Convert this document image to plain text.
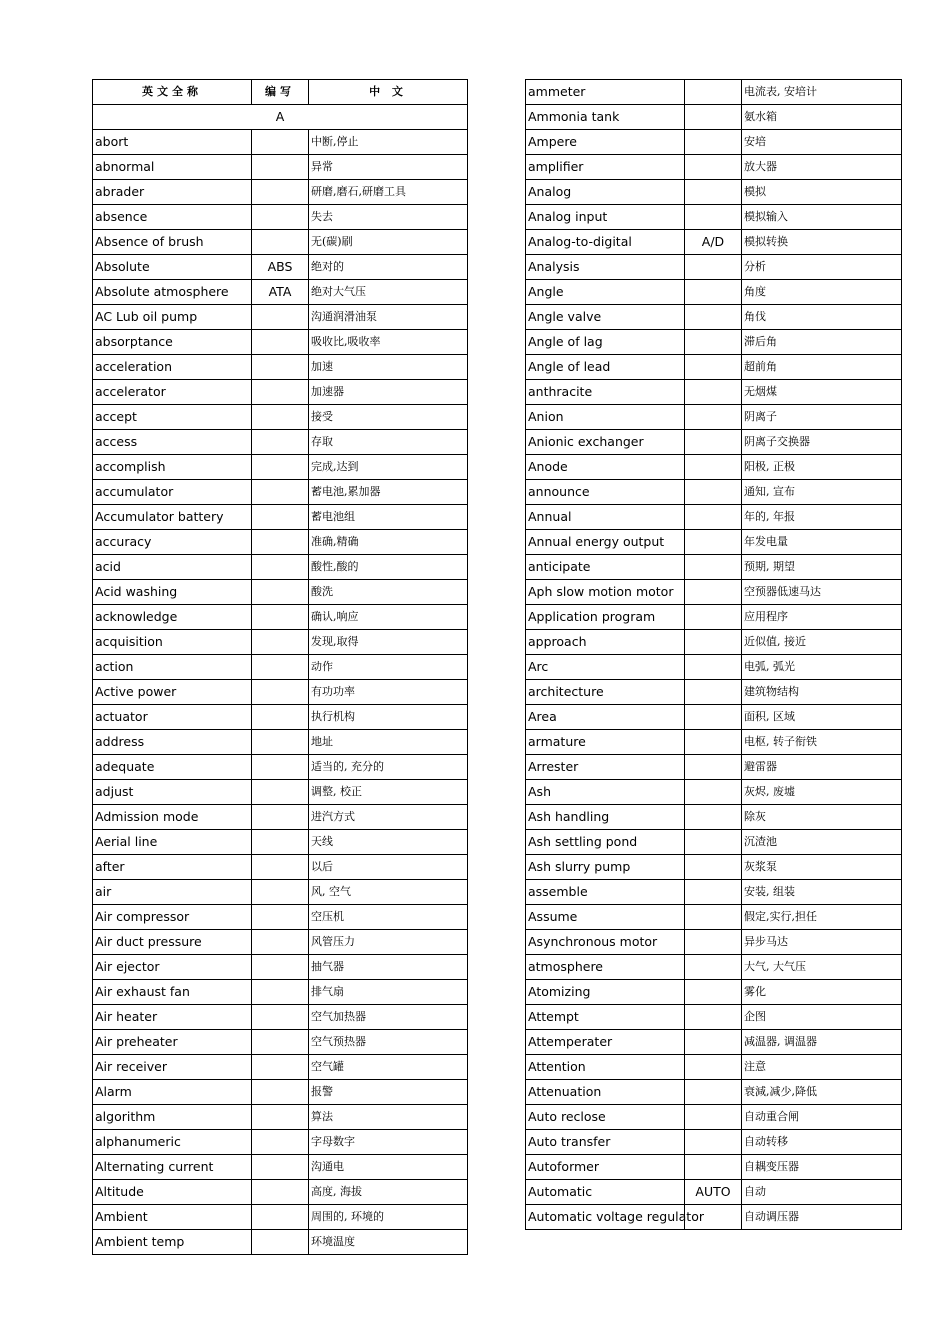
英文全称	编写	中 文
A		
abort		中断,停止
abnormal		异常
abrader		研磨,磨石,研磨工具
absence		失去
Absence of brush		无(碳)刷
Absolute	ABS	绝对的
Absolute atmosphere	ATA	绝对大气压
AC Lub oil pump		沟通润滑油泵
absorptance		吸收比,吸收率
acceleration		加速
accelerator		加速器
accept		接受
access		存取
accomplish		完成,达到
accumulator		蓄电池,累加器
Accumulator battery		蓄电池组
accuracy		准确,精确
acid		酸性,酸的
Acid washing		酸洗
acknowledge		确认,响应
acquisition		发现,取得
action		动作
Active power		有功功率
actuator		执行机构
address		地址
adequate		适当的, 充分的
adjust		调整, 校正
Admission mode		进汽方式
Aerial line		天线
after		以后
air		风, 空气
Air compressor		空压机
Air duct pressure		风管压力
Air ejector		抽气器
Air exhaust fan		排气扇
Air heater		空气加热器
Air preheater		空气预热器
Air receiver		空气罐
Alarm		报警
algorithm		算法
alphanumeric		字母数字
Alternating current		沟通电
Altitude		高度, 海拔
Ambient		周围的, 环境的
Ambient temp		环境温度
ammeter		电流表, 安培计
Ammonia tank		氨水箱
Ampere		安培
amplifier		放大器
Analog		模拟
Analog input		模拟输入
Analog-to-digital	A/D	模拟转换
Analysis		分析
Angle		角度
Angle valve		角伐
Angle of lag		滞后角
Angle of lead		超前角
anthracite		无烟煤
Anion		阴离子
Anionic exchanger		阴离子交换器
Anode		阳极, 正极
announce		通知, 宣布
Annual		年的, 年报
Annual energy output		年发电量
anticipate		预期, 期望
Aph slow motion motor		空预器低速马达
Application program		应用程序
approach		近似值, 接近
Arc		电弧, 弧光
architecture		建筑物结构
Area		面积, 区域
armature		电枢, 转子衔铁
Arrester		避雷器
Ash		灰烬, 废墟
Ash handling		除灰
Ash settling pond		沉渣池
Ash slurry pump		灰浆泵
assemble		安装, 组装
Assume		假定,实行,担任
Asynchronous motor		异步马达
atmosphere		大气, 大气压
Atomizing		雾化
Attempt		企图
Attemperater		减温器, 调温器
Attention		注意
Attenuation		衰減,减少,降低
Auto reclose		自动重合闸
Auto transfer		自动转移
Autoformer		自耦变压器
Automatic	AUTO	自动
Automatic voltage regulator		自动调压器
